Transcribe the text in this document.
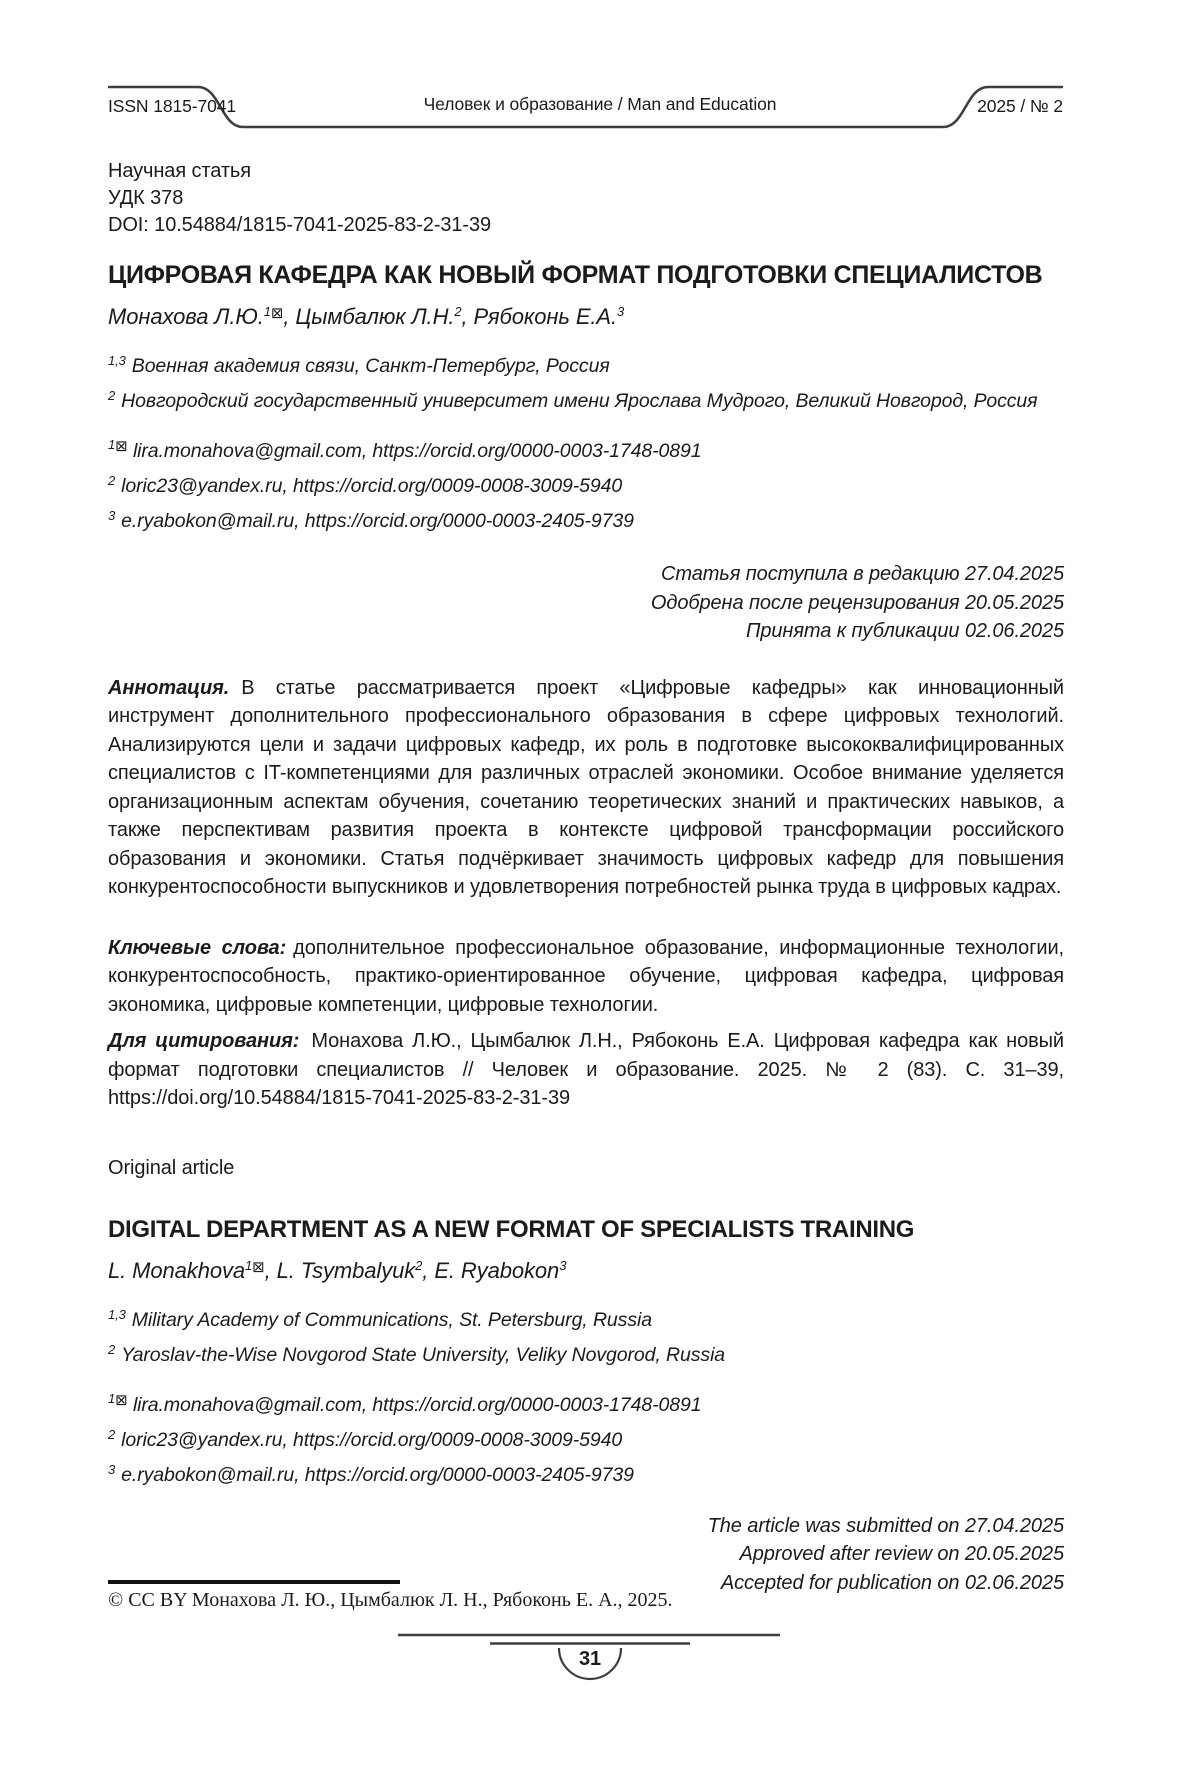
ISSN 1815-7041	Человек и образование / Man and Education	2025 / № 2
Научная статья
УДК 378
DOI: 10.54884/1815-7041-2025-83-2-31-39
ЦИФРОВАЯ КАФЕДРА КАК НОВЫЙ ФОРМАТ ПОДГОТОВКИ СПЕЦИАЛИСТОВ
Монахова Л.Ю.$^{1⊠}$, Цымбалюк Л.Н.$^2$, Рябоконь Е.А.$^3$
$^{1,3}$ Военная академия связи, Санкт-Петербург, Россия
$^2$ Новгородский государственный университет имени Ярослава Мудрого, Великий Новгород, Россия
$^{1⊠}$ lira.monahova@gmail.com, https://orcid.org/0000-0003-1748-0891
$^2$ loric23@yandex.ru, https://orcid.org/0009-0008-3009-5940
$^3$ e.ryabokon@mail.ru, https://orcid.org/0000-0003-2405-9739
Статья поступила в редакцию 27.04.2025
Одобрена после рецензирования 20.05.2025
Принята к публикации 02.06.2025

Аннотация. В статье рассматривается проект «Цифровые кафедры» как инновационный инструмент дополнительного профессионального образования в сфере цифровых технологий. Анализируются цели и задачи цифровых кафедр, их роль в подготовке высококвалифицированных специалистов с IT-компетенциями для различных отраслей экономики. Особое внимание уделяется организационным аспектам обучения, сочетанию теоретических знаний и практических навыков, а также перспективам развития проекта в контексте цифровой трансформации российского образования и экономики. Статья подчёркивает значимость цифровых кафедр для повышения конкурентоспособности выпускников и удовлетворения потребностей рынка труда в цифровых кадрах.

Ключевые слова: дополнительное профессиональное образование, информационные технологии, конкурентоспособность, практико-ориентированное обучение, цифровая кафедра, цифровая экономика, цифровые компетенции, цифровые технологии.

Для цитирования: Монахова Л.Ю., Цымбалюк Л.Н., Рябоконь Е.А. Цифровая кафедра как новый формат подготовки специалистов // Человек и образование. 2025. № 2 (83). С. 31–39, https://doi.org/10.54884/1815-7041-2025-83-2-31-39

Original article
DIGITAL DEPARTMENT AS A NEW FORMAT OF SPECIALISTS TRAINING
L. Monakhova$^{1⊠}$, L. Tsymbalyuk$^2$, E. Ryabokon$^3$
$^{1,3}$ Military Academy of Communications, St. Petersburg, Russia
$^2$ Yaroslav-the-Wise Novgorod State University, Veliky Novgorod, Russia
$^{1⊠}$ lira.monahova@gmail.com, https://orcid.org/0000-0003-1748-0891
$^2$ loric23@yandex.ru, https://orcid.org/0009-0008-3009-5940
$^3$ e.ryabokon@mail.ru, https://orcid.org/0000-0003-2405-9739
The article was submitted on 27.04.2025
Approved after review on 20.05.2025
Accepted for publication on 02.06.2025
© CC BY Монахова Л. Ю., Цымбалюк Л. Н., Рябоконь Е. А., 2025.
31
